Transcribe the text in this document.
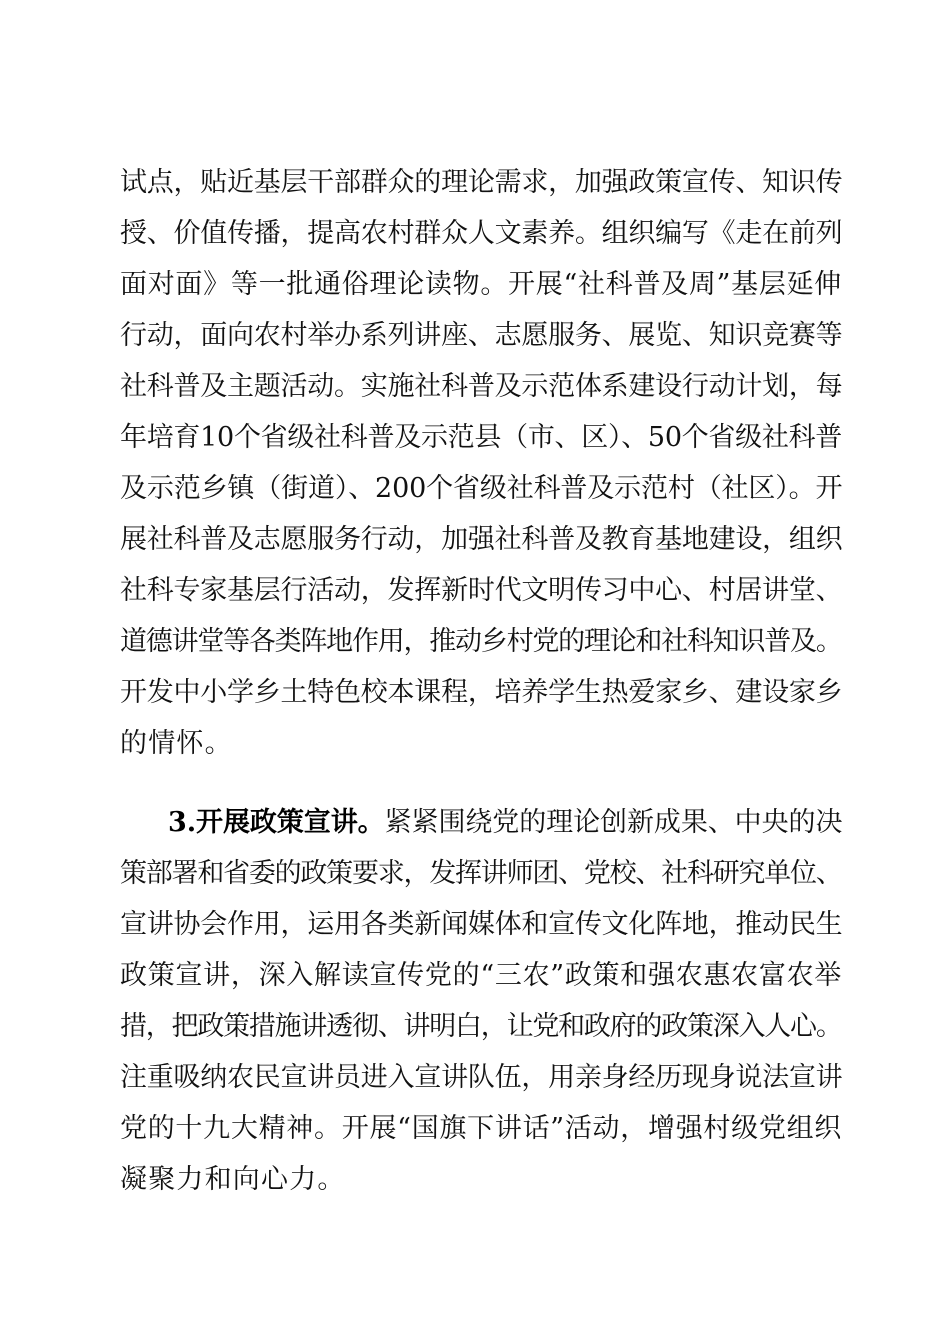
试点，贴近基层干部群众的理论需求，加强政策宣传、知识传
授、价值传播，提高农村群众人文素养。组织编写《走在前列
面对面》等一批通俗理论读物。开展“社科普及周”基层延伸
行动，面向农村举办系列讲座、志愿服务、展览、知识竞赛等
社科普及主题活动。实施社科普及示范体系建设行动计划，每
年培育10个省级社科普及示范县（市、区）、50个省级社科普
及示范乡镇（街道）、200个省级社科普及示范村（社区）。开
展社科普及志愿服务行动，加强社科普及教育基地建设，组织
社科专家基层行活动，发挥新时代文明传习中心、村居讲堂、
道德讲堂等各类阵地作用，推动乡村党的理论和社科知识普及。
开发中小学乡土特色校本课程，培养学生热爱家乡、建设家乡
的情怀。
3.开展政策宣讲。紧紧围绕党的理论创新成果、中央的决
策部署和省委的政策要求，发挥讲师团、党校、社科研究单位、
宣讲协会作用，运用各类新闻媒体和宣传文化阵地，推动民生
政策宣讲，深入解读宣传党的“三农”政策和强农惠农富农举
措，把政策措施讲透彻、讲明白，让党和政府的政策深入人心。
注重吸纳农民宣讲员进入宣讲队伍，用亲身经历现身说法宣讲
党的十九大精神。开展“国旗下讲话”活动，增强村级党组织
凝聚力和向心力。
